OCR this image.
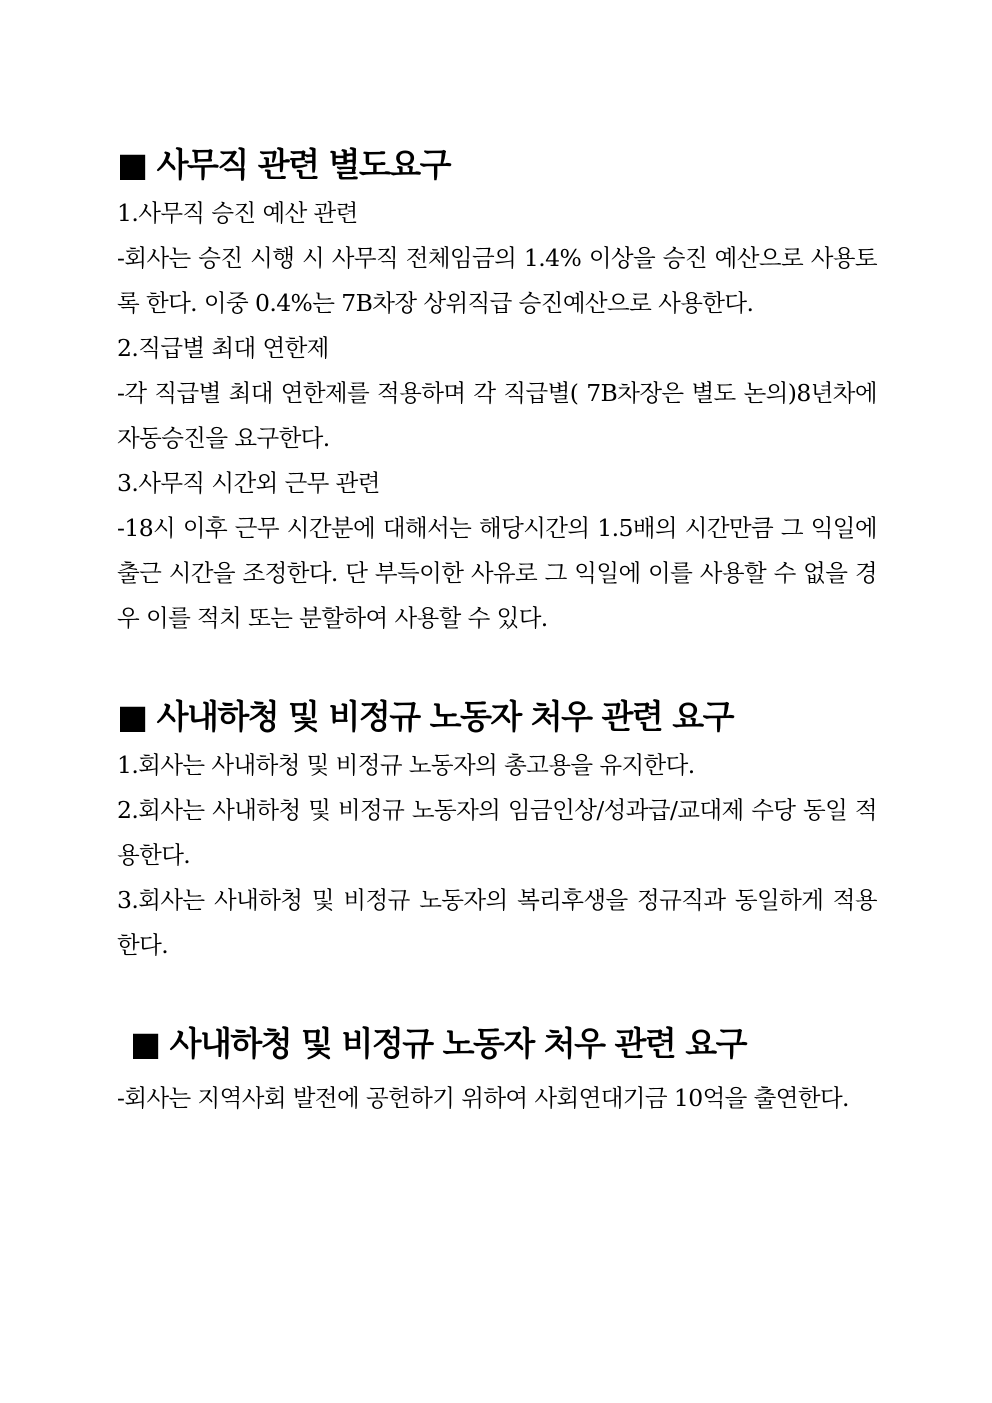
■ 사무직 관련 별도요구

1.사무직 승진 예산 관련

-회사는 승진 시행 시 사무직 전체임금의 1.4% 이상을 승진 예산으로 사용토록 한다. 이중 0.4%는 7B차장 상위직급 승진예산으로 사용한다.

2.직급별 최대 연한제

-각 직급별 최대 연한제를 적용하며 각 직급별( 7B차장은 별도 논의)8년차에 자동승진을 요구한다.

3.사무직 시간외 근무 관련

-18시 이후 근무 시간분에 대해서는 해당시간의 1.5배의 시간만큼 그 익일에 출근 시간을 조정한다. 단 부득이한 사유로 그 익일에 이를 사용할 수 없을 경우 이를 적치 또는 분할하여 사용할 수 있다.

■ 사내하청 및 비정규 노동자 처우 관련 요구

1.회사는 사내하청 및 비정규 노동자의 총고용을 유지한다.

2.회사는 사내하청 및 비정규 노동자의 임금인상/성과급/교대제 수당 동일 적용한다.

3.회사는 사내하청 및 비정규 노동자의 복리후생을 정규직과 동일하게 적용한다.

■ 사내하청 및 비정규 노동자 처우 관련 요구

-회사는 지역사회 발전에 공헌하기 위하여 사회연대기금 10억을 출연한다.
